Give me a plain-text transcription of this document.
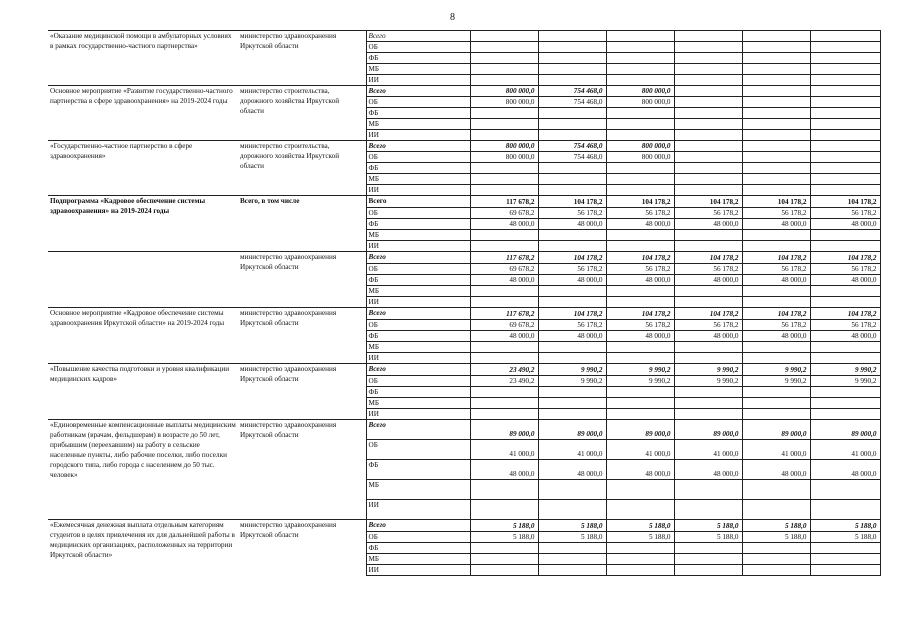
8
«Оказание медицинской помощи в амбулаторных условиях в рамках государственно-частного партнерства»	министерство здравоохранения Иркутской области	Всего						
		ОБ						
		ФБ						
		МБ						
		ИИ						
Основное мероприятие «Развитие государственно-частного партнерства в сфере здравоохранения» на 2019-2024 годы	министерство строительства, дорожного хозяйства Иркутской области	Всего	800 000,0	754 468,0	800 000,0			
		ОБ	800 000,0	754 468,0	800 000,0			
		ФБ						
		МБ						
		ИИ						
«Государственно-частное партнерство в сфере здравоохранения»	министерство строительства, дорожного хозяйства Иркутской области	Всего	800 000,0	754 468,0	800 000,0			
		ОБ	800 000,0	754 468,0	800 000,0			
		ФБ						
		МБ						
		ИИ						
Подпрограмма «Кадровое обеспечение системы здравоохранения» на 2019-2024 годы	Всего, в том числе	Всего	117 678,2	104 178,2	104 178,2	104 178,2	104 178,2	104 178,2
		ОБ	69 678,2	56 178,2	56 178,2	56 178,2	56 178,2	56 178,2
		ФБ	48 000,0	48 000,0	48 000,0	48 000,0	48 000,0	48 000,0
		МБ						
		ИИ						
	министерство здравоохранения Иркутской области	Всего	117 678,2	104 178,2	104 178,2	104 178,2	104 178,2	104 178,2
		ОБ	69 678,2	56 178,2	56 178,2	56 178,2	56 178,2	56 178,2
		ФБ	48 000,0	48 000,0	48 000,0	48 000,0	48 000,0	48 000,0
		МБ						
		ИИ						
Основное мероприятие «Кадровое обеспечение системы здравоохранения Иркутской области» на 2019-2024 годы	министерство здравоохранения Иркутской области	Всего	117 678,2	104 178,2	104 178,2	104 178,2	104 178,2	104 178,2
		ОБ	69 678,2	56 178,2	56 178,2	56 178,2	56 178,2	56 178,2
		ФБ	48 000,0	48 000,0	48 000,0	48 000,0	48 000,0	48 000,0
		МБ						
		ИИ						
«Повышение качества подготовки и уровня квалификации медицинских кадров»	министерство здравоохранения Иркутской области	Всего	23 490,2	9 990,2	9 990,2	9 990,2	9 990,2	9 990,2
		ОБ	23 490,2	9 990,2	9 990,2	9 990,2	9 990,2	9 990,2
		ФБ						
		МБ						
		ИИ						
«Единовременные компенсационные выплаты медицинским работникам (врачам, фельдшерам) в возрасте до 50 лет, прибывшим (переехавшим) на работу в сельские населенные пункты, либо рабочие поселки, либо поселки городского типа, либо города с населением до 50 тыс. человек»	министерство здравоохранения Иркутской области	Всего	89 000,0	89 000,0	89 000,0	89 000,0	89 000,0	89 000,0
		ОБ	41 000,0	41 000,0	41 000,0	41 000,0	41 000,0	41 000,0
		ФБ	48 000,0	48 000,0	48 000,0	48 000,0	48 000,0	48 000,0
		МБ						
		ИИ						
«Ежемесячная денежная выплата отдельным категориям студентов в целях привлечения их для дальнейшей работы в медицинских организациях, расположенных на территории Иркутской области»	министерство здравоохранения Иркутской области	Всего	5 188,0	5 188,0	5 188,0	5 188,0	5 188,0	5 188,0
		ОБ	5 188,0	5 188,0	5 188,0	5 188,0	5 188,0	5 188,0
		ФБ						
		МБ						
		ИИ						
